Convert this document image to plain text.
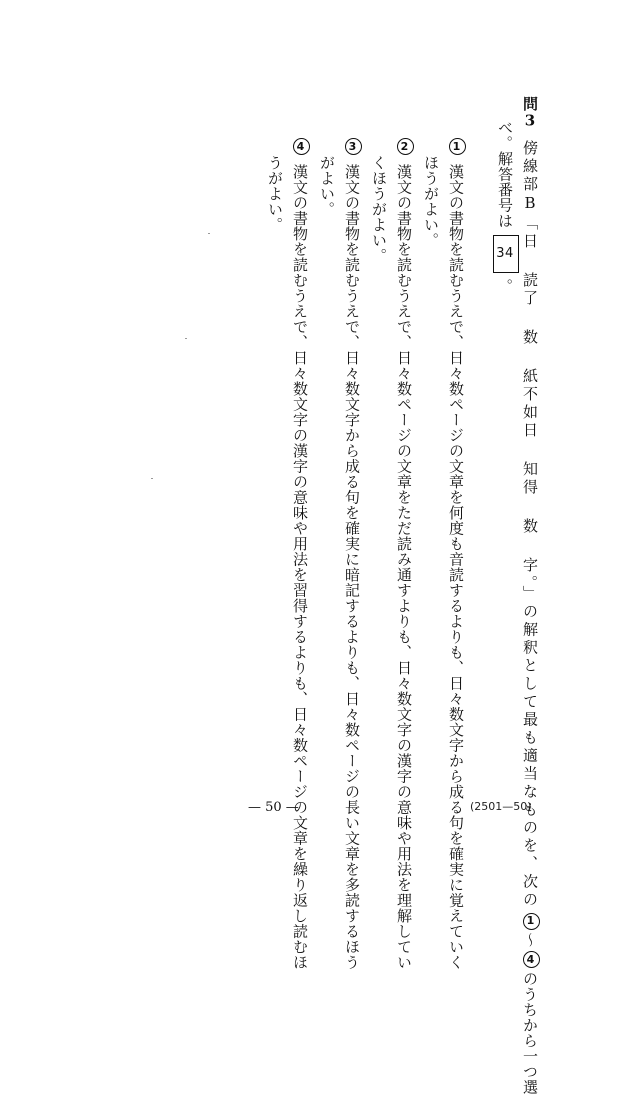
問3傍線部B「日 読了 数 紙不如日 知得 数 字。」の解釈として最も適当なものを、次の1〜4のうちから一つ選
べ。解答番号は34。
1漢文の書物を読むうえで、日々数ページの文章を何度も音読するよりも、日々数文字から成る句を確実に覚えていく
ほうがよい。
2漢文の書物を読むうえで、日々数ページの文章をただ読み通すよりも、日々数文字の漢字の意味や用法を理解してい
くほうがよい。
3漢文の書物を読むうえで、日々数文字から成る句を確実に暗記するよりも、日々数ページの長い文章を多読するほう
がよい。
4漢文の書物を読むうえで、日々数文字の漢字の意味や用法を習得するよりも、日々数ページの文章を繰り返し読むほ
うがよい。
— 50 —	(2501—50)
